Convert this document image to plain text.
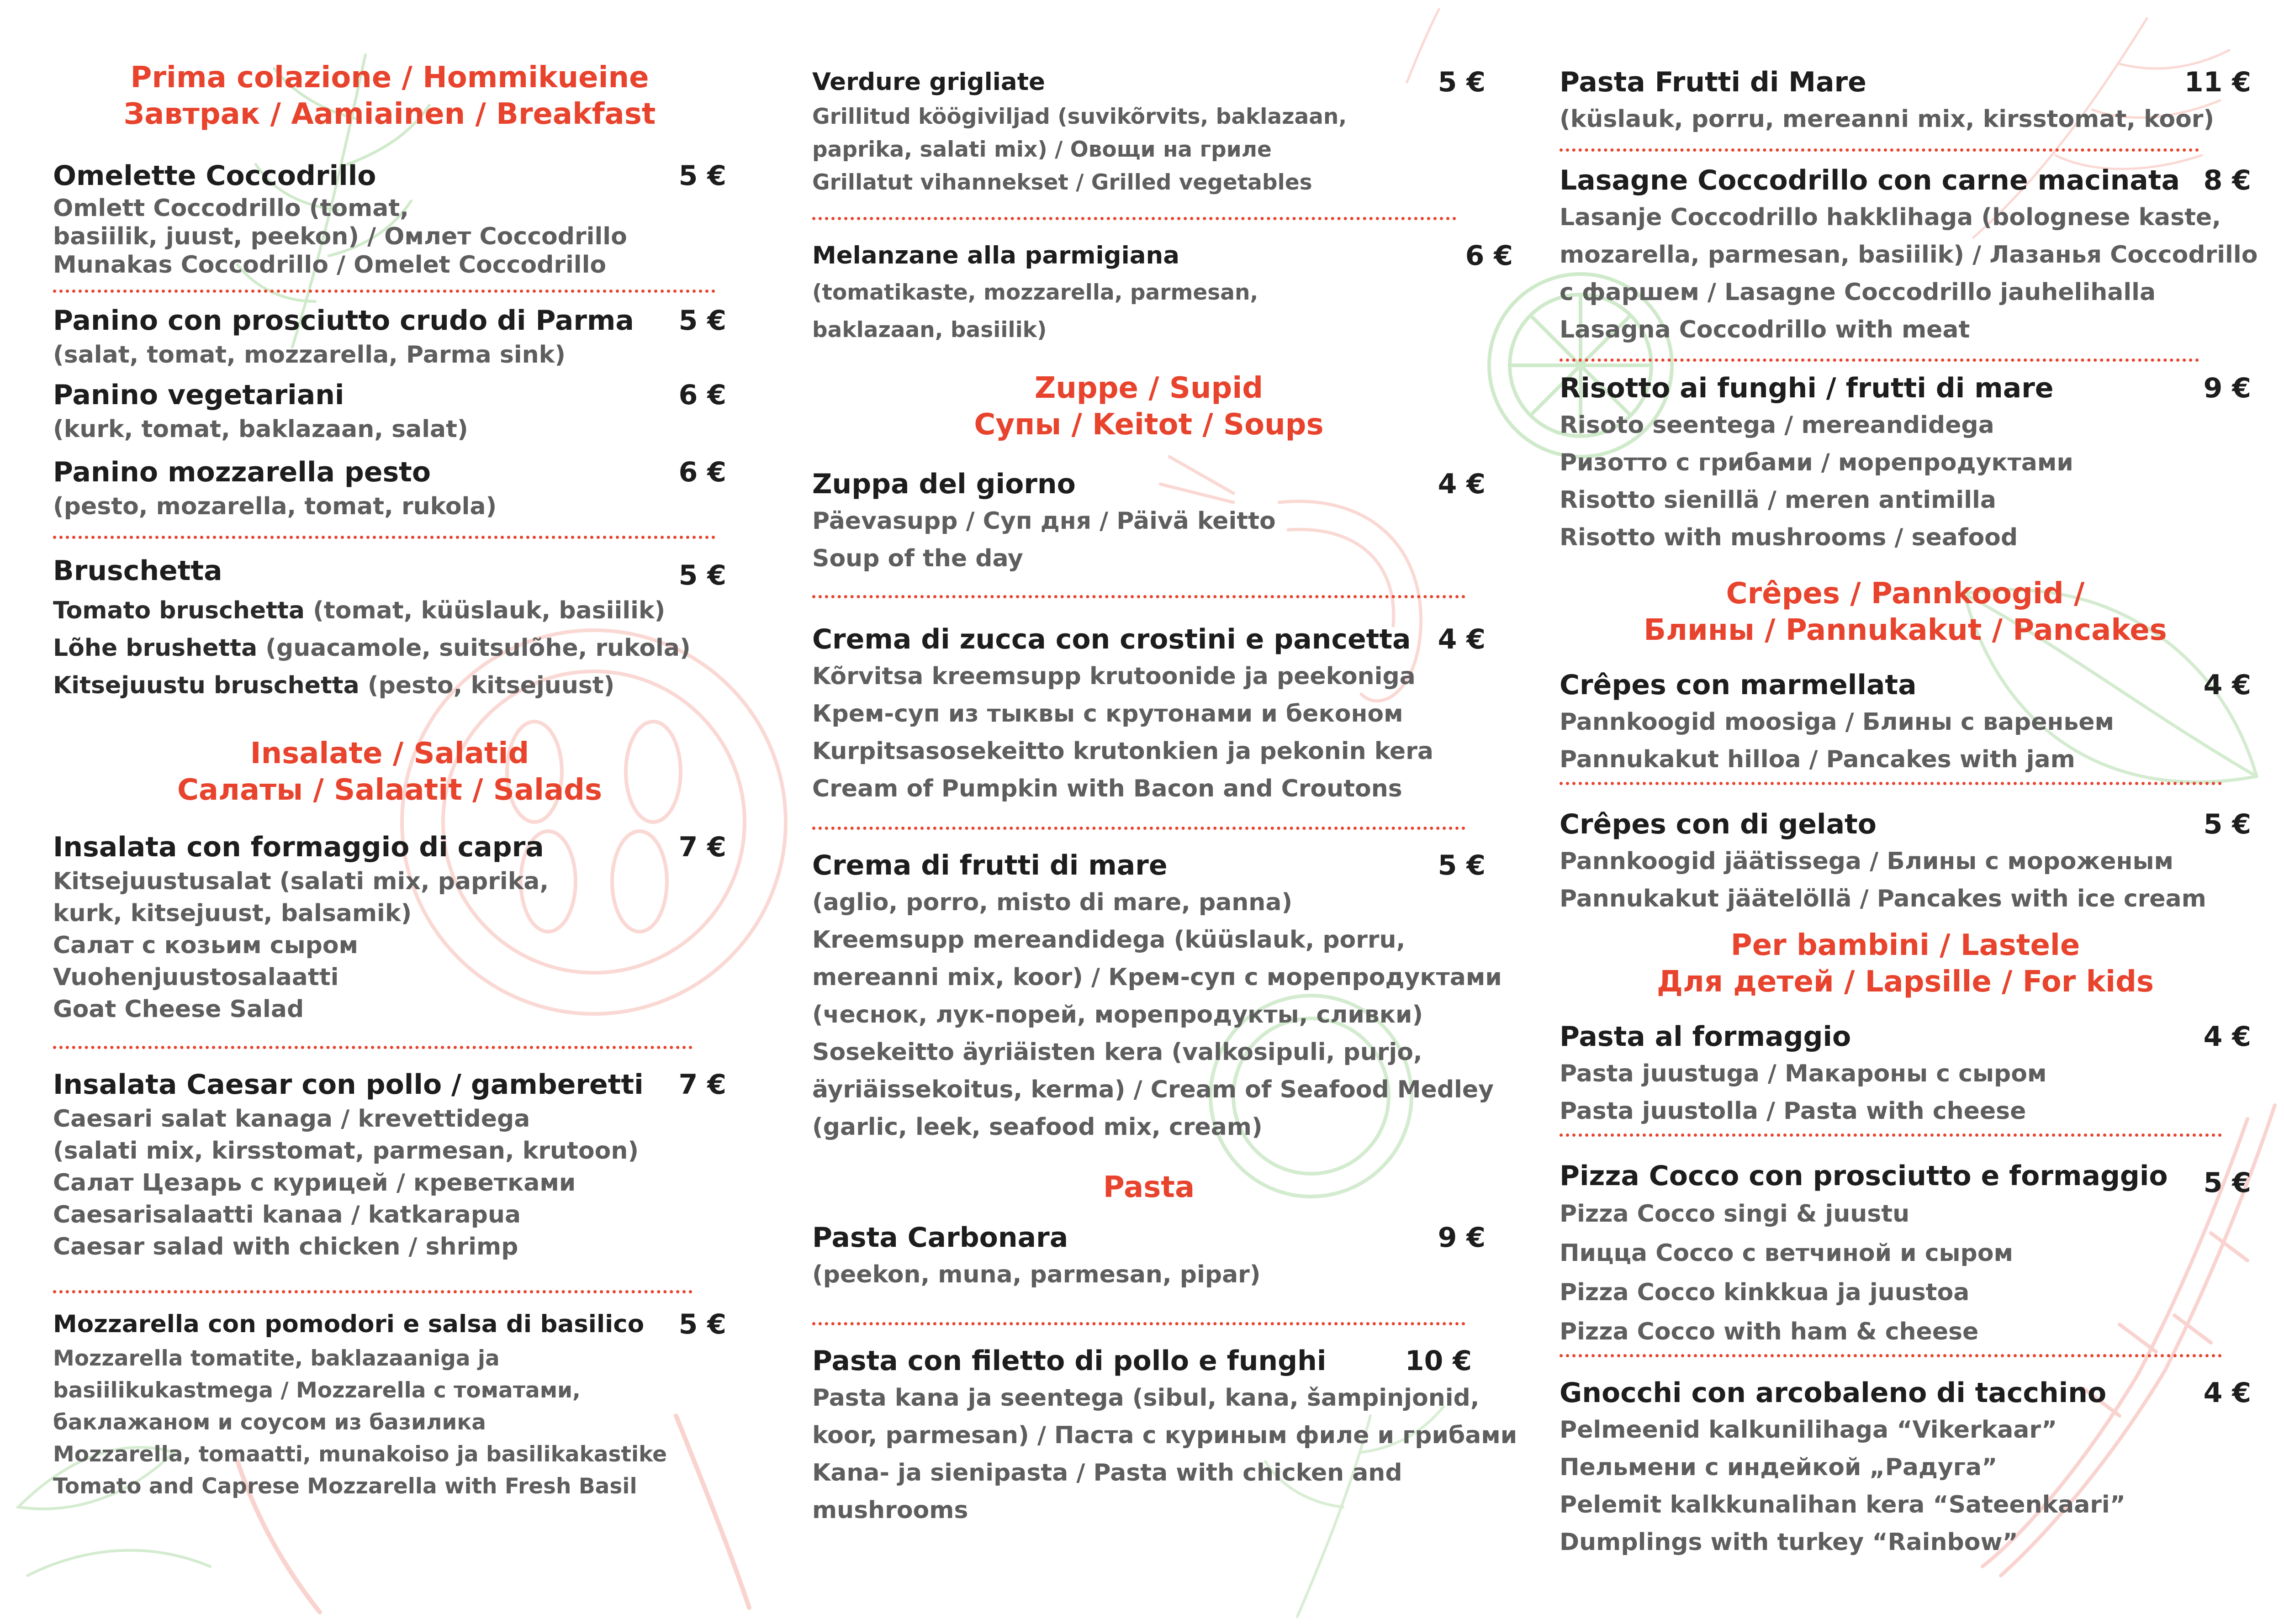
Prima colazione / Hommikueine
Завтрак / Aamiainen / Breakfast
Omelette Coccodrillo	5 €
Omlett Coccodrillo (tomat,
basiilik, juust, peekon) / Омлет Coccodrillo
Munakas Coccodrillo / Omelet Coccodrillo
Panino con prosciutto crudo di Parma	5 €
(salat, tomat, mozzarella, Parma sink)
Panino vegetariani	6 €
(kurk, tomat, baklazaan, salat)
Panino mozzarella pesto	6 €
(pesto, mozarella, tomat, rukola)
Bruschetta	5 €
Tomato bruschetta (tomat, küüslauk, basiilik)
Lõhe brushetta (guacamole, suitsulõhe, rukola)
Kitsejuustu bruschetta (pesto, kitsejuust)
Insalate / Salatid
Салаты / Salaatit / Salads
Insalata con formaggio di capra	7 €
Kitsejuustusalat (salati mix, paprika,
kurk, kitsejuust, balsamik)
Салат с козьим сыром
Vuohenjuustosalaatti
Goat Cheese Salad
Insalata Caesar con pollo / gamberetti	7 €
Caesari salat kanaga / krevettidega
(salati mix, kirsstomat, parmesan, krutoon)
Салат Цезарь с курицей / креветками
Caesarisalaatti kanaa / katkarapua
Caesar salad with chicken / shrimp
Mozzarella con pomodori e salsa di basilico	5 €
Mozzarella tomatite, baklazaaniga ja
basiilikukastmega / Mozzarella с томатами,
баклажаном и соусом из базилика
Mozzarella, tomaatti, munakoiso ja basilikakastike
Tomato and Caprese Mozzarella with Fresh Basil
Verdure grigliate	5 €
Grillitud köögiviljad (suvikõrvits, baklazaan,
paprika, salati mix) / Овощи на гриле
Grillatut vihannekset / Grilled vegetables
Melanzane alla parmigiana	6 €
(tomatikaste, mozzarella, parmesan,
baklazaan, basiilik)
Zuppe / Supid
Супы / Keitot / Soups
Zuppa del giorno	4 €
Päevasupp / Суп дня / Päivä keitto
Soup of the day
Crema di zucca con crostini e pancetta 4 €
Kõrvitsa kreemsupp krutoonide ja peekoniga
Крем-суп из тыквы с крутонами и беконом
Kurpitsasosekeitto krutonkien ja pekonin kera
Cream of Pumpkin with Bacon and Croutons
Crema di frutti di mare	5 €
(aglio, porro, misto di mare, panna)
Kreemsupp mereandidega (küüslauk, porru,
mereanni mix, koor) / Крем-суп с морепродуктами
(чеснок, лук-порей, морепродукты, сливки)
Sosekeitto äyriäisten kera (valkosipuli, purjo,
äyriäissekoitus, kerma) / Cream of Seafood Medley
(garlic, leek, seafood mix, cream)
Pasta
Pasta Carbonara	9 €
(peekon, muna, parmesan, pipar)
Pasta con filetto di pollo e funghi	10 €
Pasta kana ja seentega (sibul, kana, šampinjonid,
koor, parmesan) / Паста с куриным филе и грибами
Kana- ja sienipasta / Pasta with chicken and
mushrooms
Pasta Frutti di Mare	11 €
(küslauk, porru, mereanni mix, kirsstomat, koor)
Lasagne Coccodrillo con carne macinata 8 €
Lasanje Coccodrillo hakklihaga (bolognese kaste,
mozarella, parmesan, basiilik) / Лазанья Coccodrillo
с фаршем / Lasagne Coccodrillo jauhelihalla
Lasagna Coccodrillo with meat
Risotto ai funghi / frutti di mare	9 €
Risoto seentega / mereandidega
Ризотто с грибами / морепродуктами
Risotto sienillä / meren antimilla
Risotto with mushrooms / seafood
Crêpes / Pannkoogid /
Блины / Pannukakut / Pancakes
Crêpes con marmellata	4 €
Pannkoogid moosiga / Блины с вареньем
Pannukakut hilloa / Pancakes with jam
Crêpes con di gelato	5 €
Pannkoogid jäätissega / Блины с мороженым
Pannukakut jäätelöllä / Pancakes with ice cream
Per bambini / Lastele
Для детей / Lapsille / For kids
Pasta al formaggio	4 €
Pasta juustuga / Макароны с сыром
Pasta juustolla / Pasta with cheese
Pizza Cocco con prosciutto e formaggio	5 €
Pizza Cocco singi & juustu
Пицца Cocco с ветчиной и сыром
Pizza Cocco kinkkua ja juustoa
Pizza Cocco with ham & cheese
Gnocchi con arcobaleno di tacchino	4 €
Pelmeenid kalkunilihaga “Vikerkaar”
Пельмени с индейкой „Радуга”
Pelemit kalkkunalihan kera “Sateenkaari”
Dumplings with turkey “Rainbow”
